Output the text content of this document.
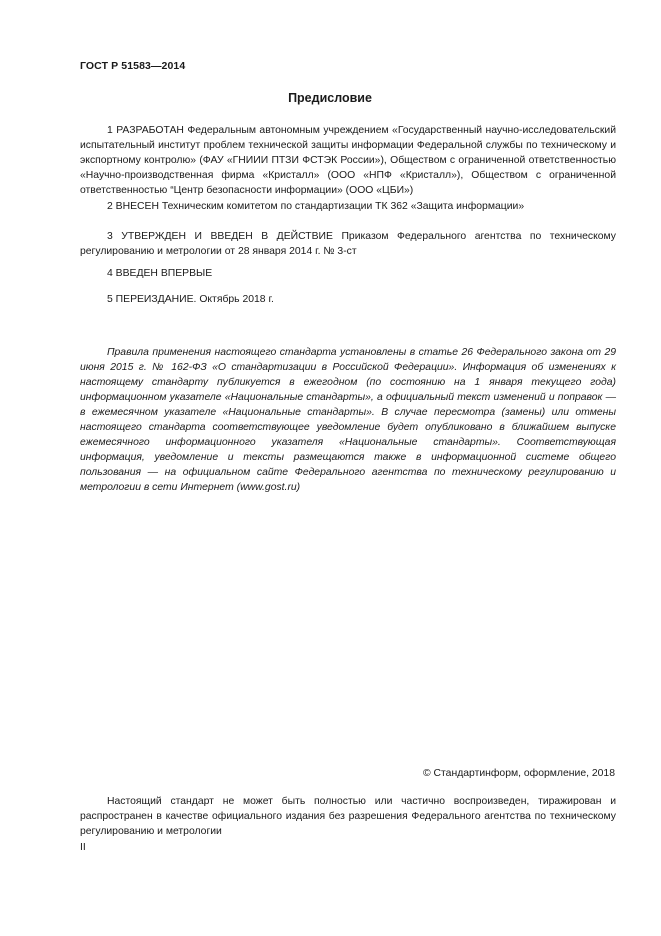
ГОСТ Р 51583—2014
Предисловие

1 РАЗРАБОТАН Федеральным автономным учреждением «Государственный научно-исследовательский испытательный институт проблем технической защиты информации Федеральной службы по техническому и экспортному контролю» (ФАУ «ГНИИИ ПТЗИ ФСТЭК России»), Обществом с ограниченной ответственностью «Научно-производственная фирма «Кристалл» (ООО «НПФ «Кристалл»), Обществом с ограниченной ответственностью “Центр безопасности информации» (ООО «ЦБИ»)

2 ВНЕСЕН Техническим комитетом по стандартизации ТК 362 «Защита информации»

3 УТВЕРЖДЕН И ВВЕДЕН В ДЕЙСТВИЕ Приказом Федерального агентства по техническому регулированию и метрологии от 28 января 2014 г. № 3-ст

4 ВВЕДЕН ВПЕРВЫЕ

5 ПЕРЕИЗДАНИЕ. Октябрь 2018 г.

Правила применения настоящего стандарта установлены в статье 26 Федерального закона от 29 июня 2015 г. № 162-ФЗ «О стандартизации в Российской Федерации». Информация об изменениях к настоящему стандарту публикуется в ежегодном (по состоянию на 1 января текущего года) информационном указателе «Национальные стандарты», а официальный текст изменений и поправок — в ежемесячном указателе «Национальные стандарты». В случае пересмотра (замены) или отмены настоящего стандарта соответствующее уведомление будет опубликовано в ближайшем выпуске ежемесячного информационного указателя «Национальные стандарты». Соответствующая информация, уведомление и тексты размещаются также в информационной системе общего пользования — на официальном сайте Федерального агентства по техническому регулированию и метрологии в сети Интернет (www.gost.ru)

© Стандартинформ, оформление, 2018

Настоящий стандарт не может быть полностью или частично воспроизведен, тиражирован и распространен в качестве официального издания без разрешения Федерального агентства по техническому регулированию и метрологии

II
